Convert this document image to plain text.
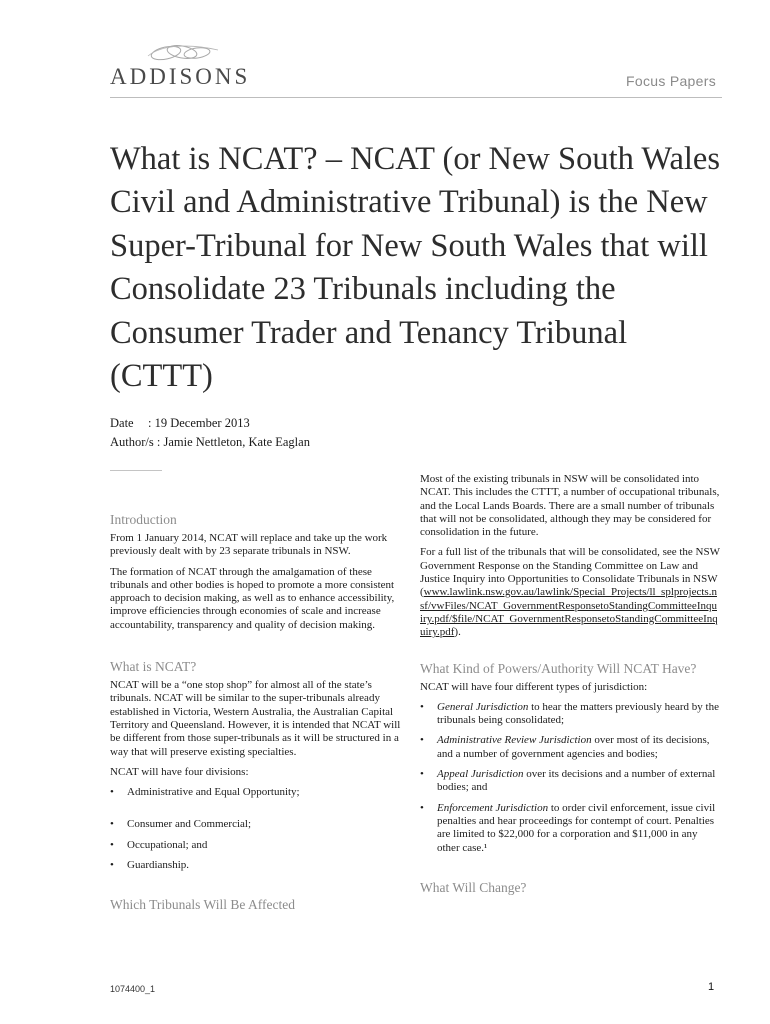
ADDISONS	Focus Papers
What is NCAT? – NCAT (or New South Wales Civil and Administrative Tribunal) is the New Super-Tribunal for New South Wales that will Consolidate 23 Tribunals including the Consumer Trader and Tenancy Tribunal (CTTT)
Date : 19 December 2013
Author/s : Jamie Nettleton, Kate Eaglan
Introduction

From 1 January 2014, NCAT will replace and take up the work previously dealt with by 23 separate tribunals in NSW.

The formation of NCAT through the amalgamation of these tribunals and other bodies is hoped to promote a more consistent approach to decision making, as well as to enhance accessibility, improve efficiencies through economies of scale and increase accountability, transparency and quality of decision making.

What is NCAT?

NCAT will be a “one stop shop” for almost all of the state’s tribunals. NCAT will be similar to the super-tribunals already established in Victoria, Western Australia, the Australian Capital Territory and Queensland. However, it is intended that NCAT will be different from those super-tribunals as it will be structured in a way that will preserve existing specialties.

NCAT will have four divisions:

• Administrative and Equal Opportunity;
• Consumer and Commercial;
• Occupational; and
• Guardianship.
Which Tribunals Will Be Affected

Most of the existing tribunals in NSW will be consolidated into NCAT. This includes the CTTT, a number of occupational tribunals, and the Local Lands Boards. There are a small number of tribunals that will not be consolidated, although they may be considered for consolidation in the future.

For a full list of the tribunals that will be consolidated, see the NSW Government Response on the Standing Committee on Law and Justice Inquiry into Opportunities to Consolidate Tribunals in NSW (www.lawlink.nsw.gov.au/lawlink/Special_Projects/ll_splprojects.nsf/vwFiles/NCAT_GovernmentResponsetoStandingCommitteeInquiry.pdf/$file/NCAT_GovernmentResponsetoStandingCommitteeInquiry.pdf).

What Kind of Powers/Authority Will NCAT Have?

NCAT will have four different types of jurisdiction:

• General Jurisdiction to hear the matters previously heard by the tribunals being consolidated;
• Administrative Review Jurisdiction over most of its decisions, and a number of government agencies and bodies;
• Appeal Jurisdiction over its decisions and a number of external bodies; and
• Enforcement Jurisdiction to order civil enforcement, issue civil penalties and hear proceedings for contempt of court. Penalties are limited to $22,000 for a corporation and $11,000 in any other case.¹
What Will Change?
1074400_1	1
